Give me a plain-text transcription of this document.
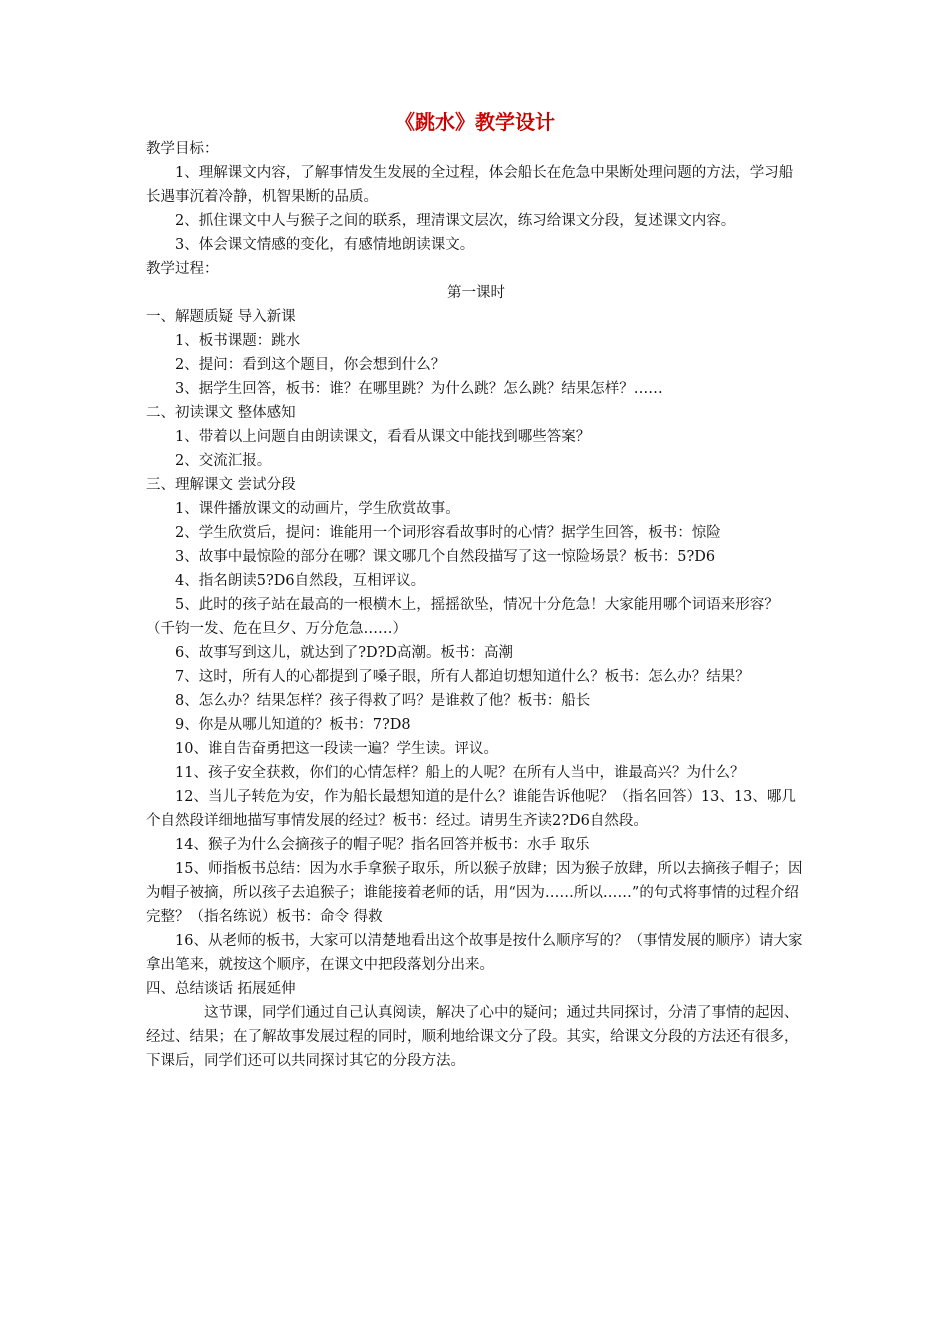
《跳水》教学设计

教学目标：

1、理解课文内容，了解事情发生发展的全过程，体会船长在危急中果断处理问题的方法，学习船长遇事沉着冷静，机智果断的品质。

2、抓住课文中人与猴子之间的联系，理清课文层次，练习给课文分段，复述课文内容。

3、体会课文情感的变化，有感情地朗读课文。

教学过程：

第一课时

一、解题质疑 导入新课

1、板书课题：跳水

2、提问：看到这个题目，你会想到什么？

3、据学生回答，板书：谁？在哪里跳？为什么跳？怎么跳？结果怎样？……

二、初读课文 整体感知

1、带着以上问题自由朗读课文，看看从课文中能找到哪些答案？

2、交流汇报。

三、理解课文 尝试分段

1、课件播放课文的动画片，学生欣赏故事。

2、学生欣赏后，提问：谁能用一个词形容看故事时的心情？据学生回答，板书：惊险

3、故事中最惊险的部分在哪？课文哪几个自然段描写了这一惊险场景？板书：5?D6

4、指名朗读5?D6自然段，互相评议。

5、此时的孩子站在最高的一根横木上，摇摇欲坠，情况十分危急！大家能用哪个词语来形容？（千钧一发、危在旦夕、万分危急……）

6、故事写到这儿，就达到了?D?D高潮。板书：高潮

7、这时，所有人的心都提到了嗓子眼，所有人都迫切想知道什么？板书：怎么办？结果？

8、怎么办？结果怎样？孩子得救了吗？是谁救了他？板书：船长

9、你是从哪儿知道的？板书：7?D8

10、谁自告奋勇把这一段读一遍？学生读。评议。

11、孩子安全获救，你们的心情怎样？船上的人呢？在所有人当中，谁最高兴？为什么？

12、当儿子转危为安，作为船长最想知道的是什么？谁能告诉他呢？（指名回答）13、13、哪几个自然段详细地描写事情发展的经过？板书：经过。请男生齐读2?D6自然段。

14、猴子为什么会摘孩子的帽子呢？指名回答并板书：水手 取乐

15、师指板书总结：因为水手拿猴子取乐，所以猴子放肆；因为猴子放肆，所以去摘孩子帽子；因为帽子被摘，所以孩子去追猴子；谁能接着老师的话，用“因为……所以……”的句式将事情的过程介绍完整？（指名练说）板书：命令 得救

16、从老师的板书，大家可以清楚地看出这个故事是按什么顺序写的？（事情发展的顺序）请大家拿出笔来，就按这个顺序，在课文中把段落划分出来。

四、总结谈话 拓展延伸

这节课，同学们通过自己认真阅读，解决了心中的疑问；通过共同探讨，分清了事情的起因、经过、结果；在了解故事发展过程的同时，顺利地给课文分了段。其实，给课文分段的方法还有很多，下课后，同学们还可以共同探讨其它的分段方法。
